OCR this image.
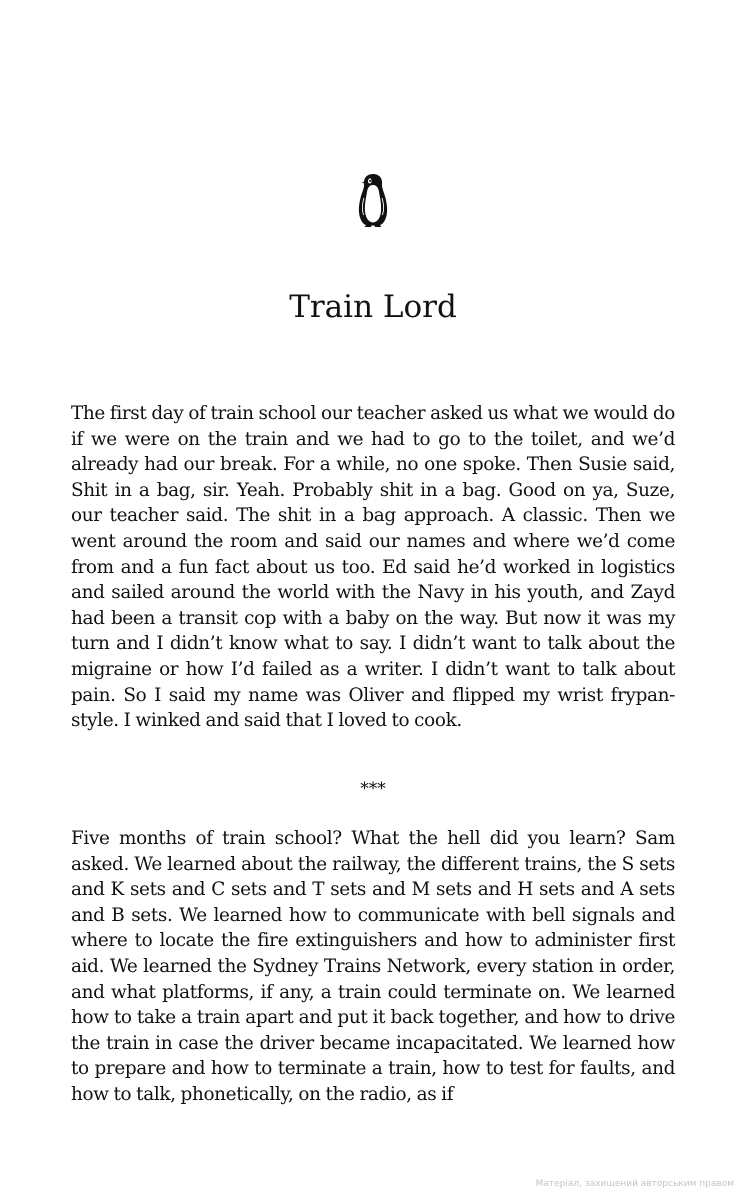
Train Lord

The first day of train school our teacher asked us what we would do if we were on the train and we had to go to the toilet, and we’d already had our break. For a while, no one spoke. Then Susie said, Shit in a bag, sir. Yeah. Probably shit in a bag. Good on ya, Suze, our teacher said. The shit in a bag approach. A classic. Then we went around the room and said our names and where we’d come from and a fun fact about us too. Ed said he’d worked in logistics and sailed around the world with the Navy in his youth, and Zayd had been a transit cop with a baby on the way. But now it was my turn and I didn’t know what to say. I didn’t want to talk about the migraine or how I’d failed as a writer. I didn’t want to talk about pain. So I said my name was Oliver and flipped my wrist frypan-style. I winked and said that I loved to cook.

***

Five months of train school? What the hell did you learn? Sam asked. We learned about the railway, the different trains, the S sets and K sets and C sets and T sets and M sets and H sets and A sets and B sets. We learned how to communicate with bell signals and where to locate the fire extinguishers and how to administer first aid. We learned the Sydney Trains Network, every station in order, and what platforms, if any, a train could terminate on. We learned how to take a train apart and put it back together, and how to drive the train in case the driver became incapacitated. We learned how to prepare and how to terminate a train, how to test for faults, and how to talk, phonetically, on the radio, as if

Матеріал, захищений авторським правом
